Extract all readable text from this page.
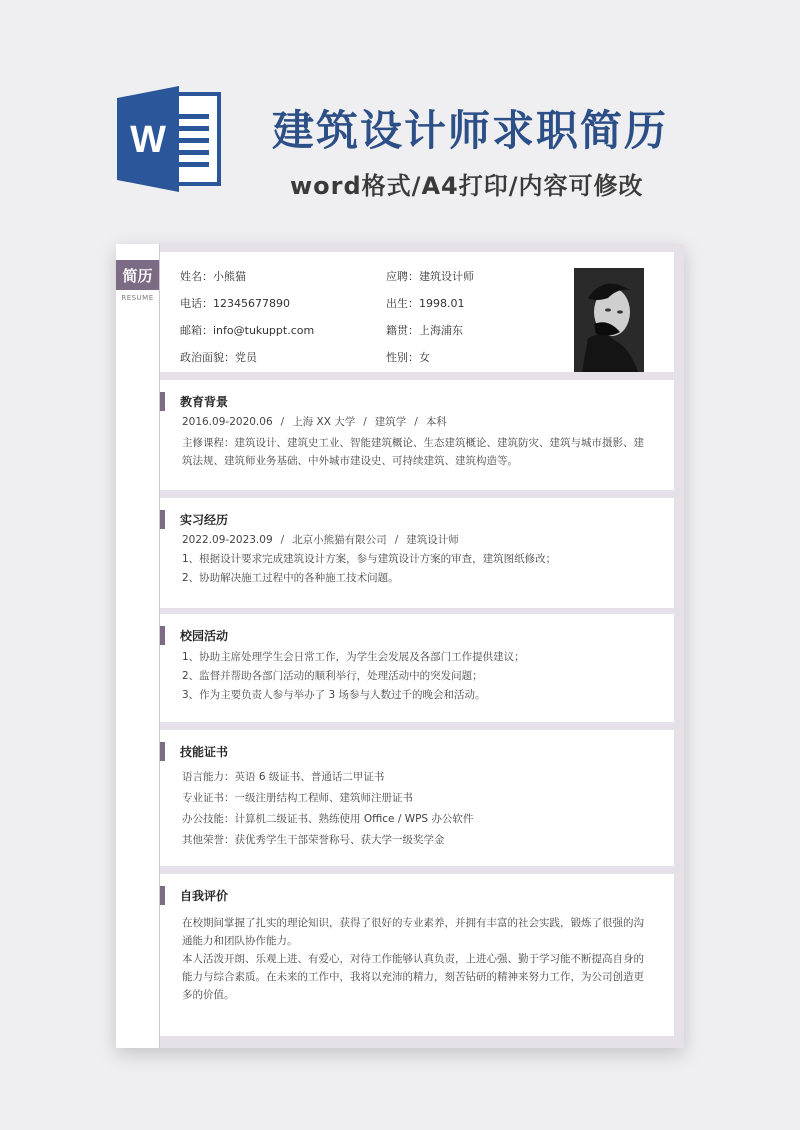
W	建筑设计师求职简历
word格式/A4打印/内容可修改
简历
RESUME
姓名：小熊猫
电话：12345677890
邮箱：info@tukuppt.com
政治面貌：党员
应聘：建筑设计师
出生：1998.01
籍贯：上海浦东
性别：女
教育背景
2016.09-2020.06 / 上海 XX 大学 / 建筑学 / 本科
主修课程：建筑设计、建筑史工业、智能建筑概论、生态建筑概论、建筑防灾、建筑与城市摄影、建筑法规、建筑师业务基础、中外城市建设史、可持续建筑、建筑构造等。
实习经历
2022.09-2023.09 / 北京小熊猫有限公司 / 建筑设计师
1、根据设计要求完成建筑设计方案，参与建筑设计方案的审查，建筑图纸修改；
2、协助解决施工过程中的各种施工技术问题。
校园活动
1、协助主席处理学生会日常工作，为学生会发展及各部门工作提供建议；
2、监督并帮助各部门活动的顺利举行，处理活动中的突发问题；
3、作为主要负责人参与举办了 3 场参与人数过千的晚会和活动。
技能证书
语言能力：英语 6 级证书、普通话二甲证书
专业证书：一级注册结构工程师、建筑师注册证书
办公技能：计算机二级证书、熟练使用 Office / WPS 办公软件
其他荣誉：获优秀学生干部荣誉称号、获大学一级奖学金
自我评价
在校期间掌握了扎实的理论知识，获得了很好的专业素养，并拥有丰富的社会实践，锻炼了很强的沟通能力和团队协作能力。
本人活泼开朗、乐观上进、有爱心，对待工作能够认真负责，上进心强、勤于学习能不断提高自身的能力与综合素质。在未来的工作中，我将以充沛的精力，刻苦钻研的精神来努力工作，为公司创造更多的价值。
